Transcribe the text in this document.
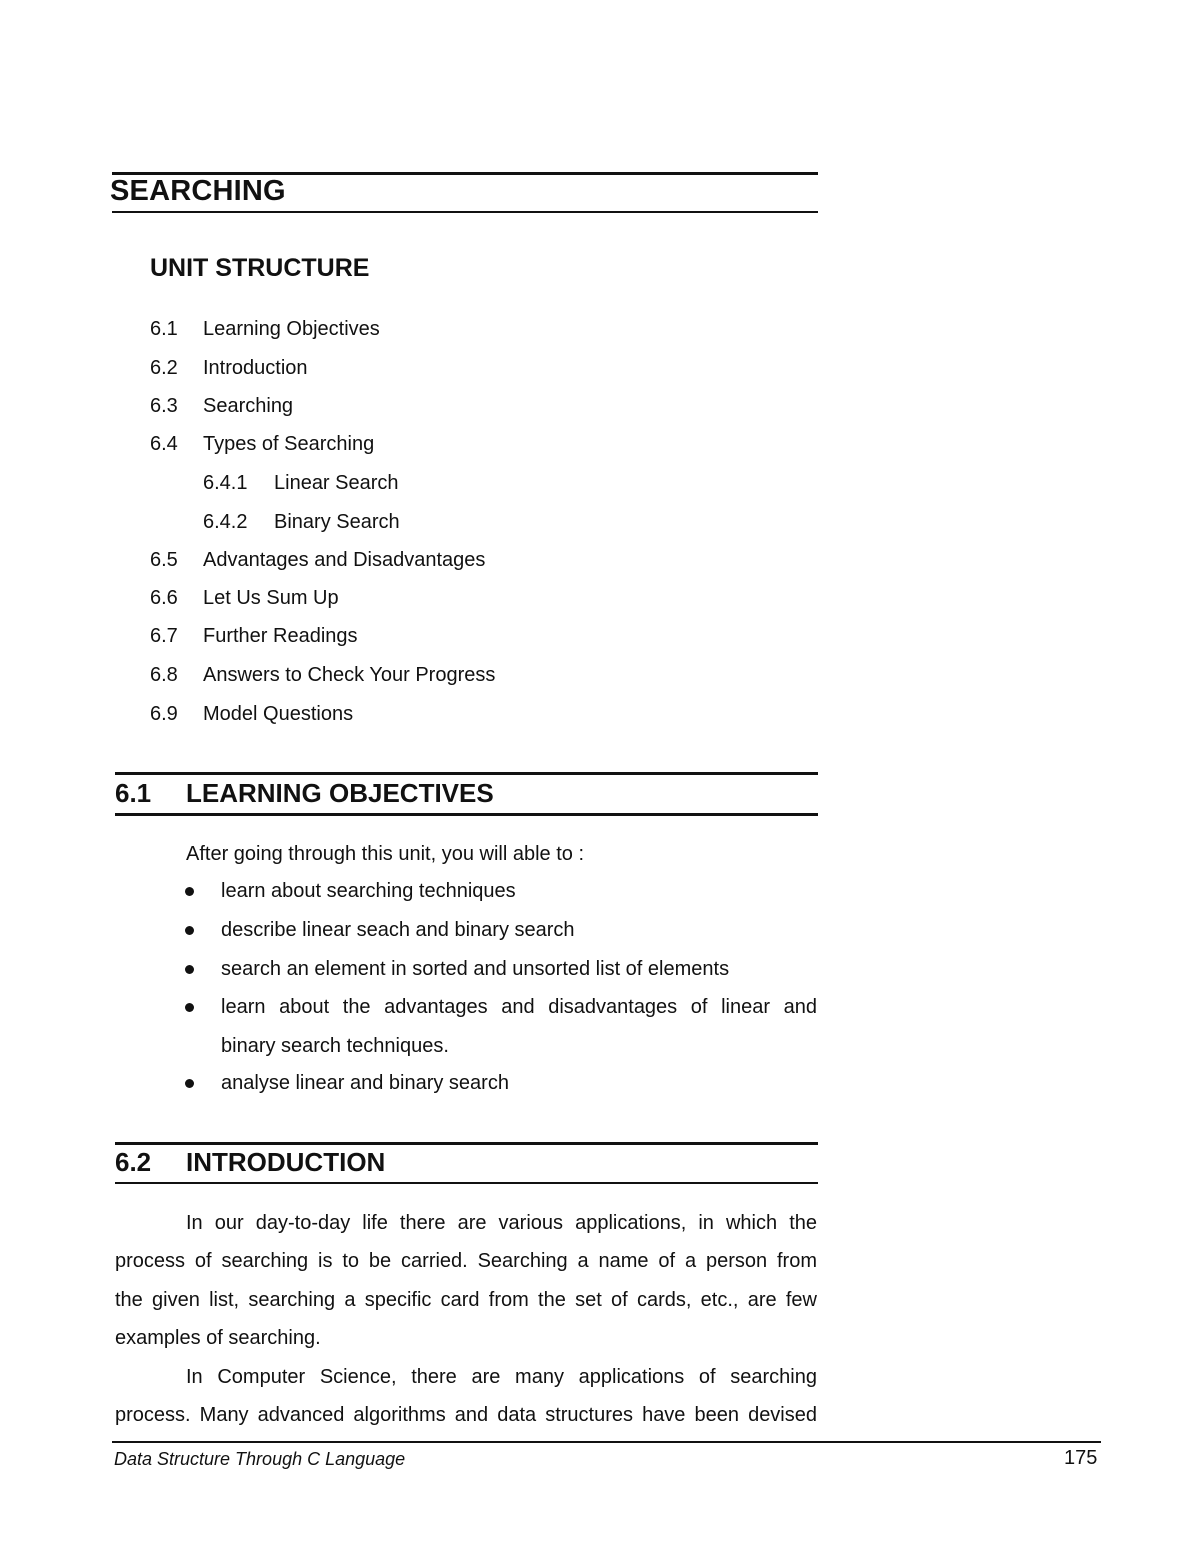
SEARCHING
UNIT STRUCTURE
6.1 Learning Objectives
6.2 Introduction
6.3 Searching
6.4 Types of Searching
6.4.1 Linear Search
6.4.2 Binary Search
6.5 Advantages and Disadvantages
6.6 Let Us Sum Up
6.7 Further Readings
6.8 Answers to Check Your Progress
6.9 Model Questions
6.1 LEARNING OBJECTIVES
After going through this unit, you will able to :
learn about searching techniques
describe linear seach and binary search
search an element in sorted and unsorted list of elements
learn about the advantages and disadvantages of linear and
binary search techniques.
analyse linear and binary search
6.2 INTRODUCTION
In our day-to-day life there are various applications, in which the
process of searching is to be carried. Searching a name of a person from
the given list, searching a specific card from the set of cards, etc., are few
examples of searching.
In Computer Science, there are many applications of searching
process. Many advanced algorithms and data structures have been devised
Data Structure Through C Language	175
